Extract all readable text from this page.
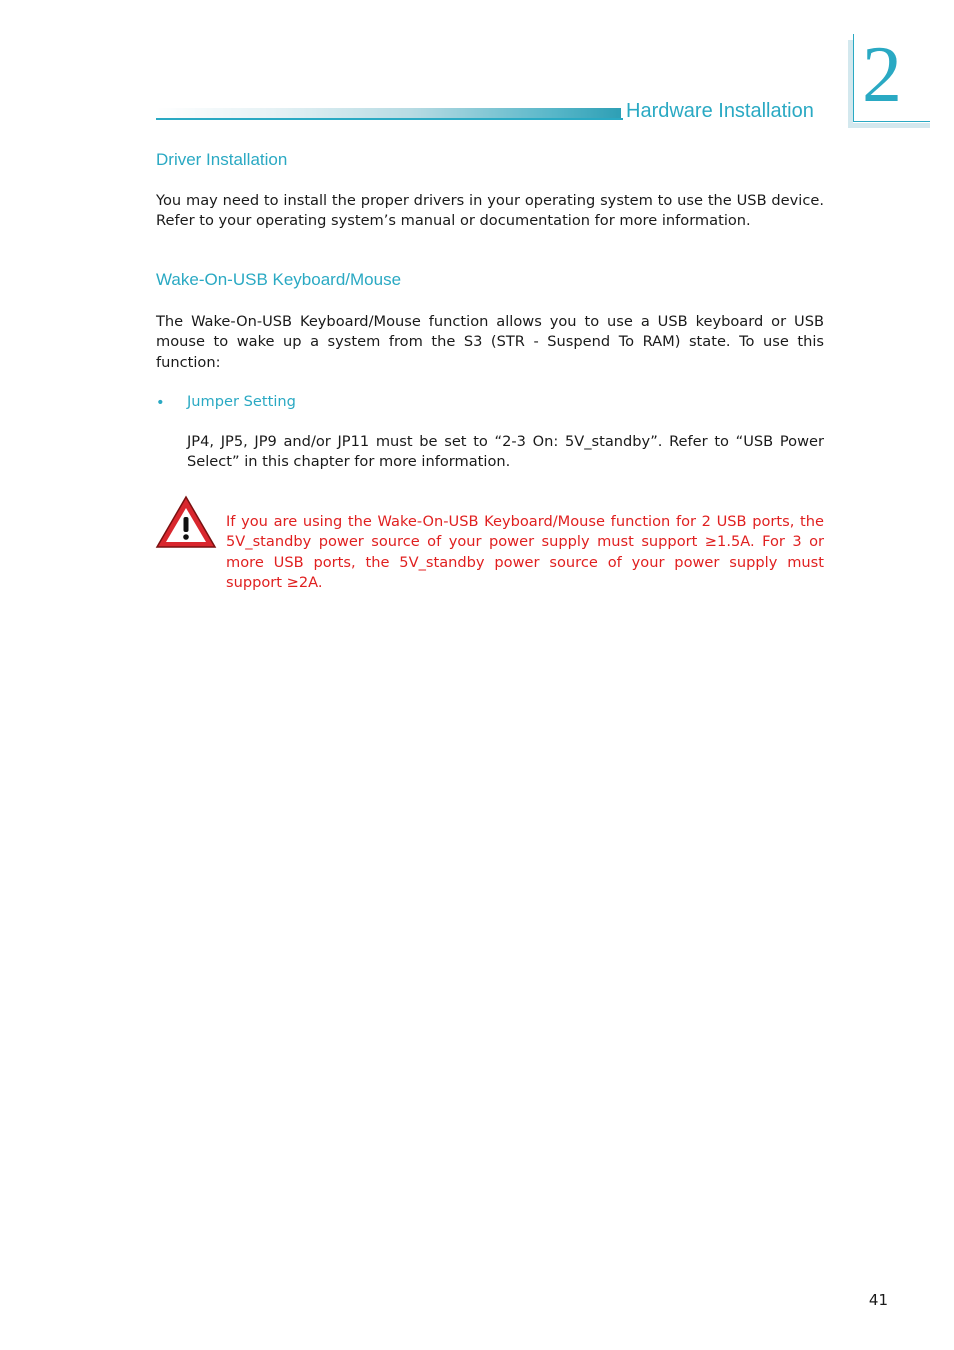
Hardware Installation 2
Driver Installation
You may need to install the proper drivers in your operating system to use the USB device. Refer to your operating system’s manual or documentation for more information.
Wake-On-USB Keyboard/Mouse
The Wake-On-USB Keyboard/Mouse function allows you to use a USB keyboard or USB mouse to wake up a system from the S3 (STR - Suspend To RAM) state. To use this function:
• Jumper Setting
JP4, JP5, JP9 and/or JP11 must be set to “2-3 On: 5V_standby”. Refer to “USB Power Select” in this chapter for more information.
If you are using the Wake-On-USB Keyboard/Mouse function for 2 USB ports, the 5V_standby power source of your power supply must support ≥1.5A. For 3 or more USB ports, the 5V_standby power source of your power supply must support ≥2A.
41
